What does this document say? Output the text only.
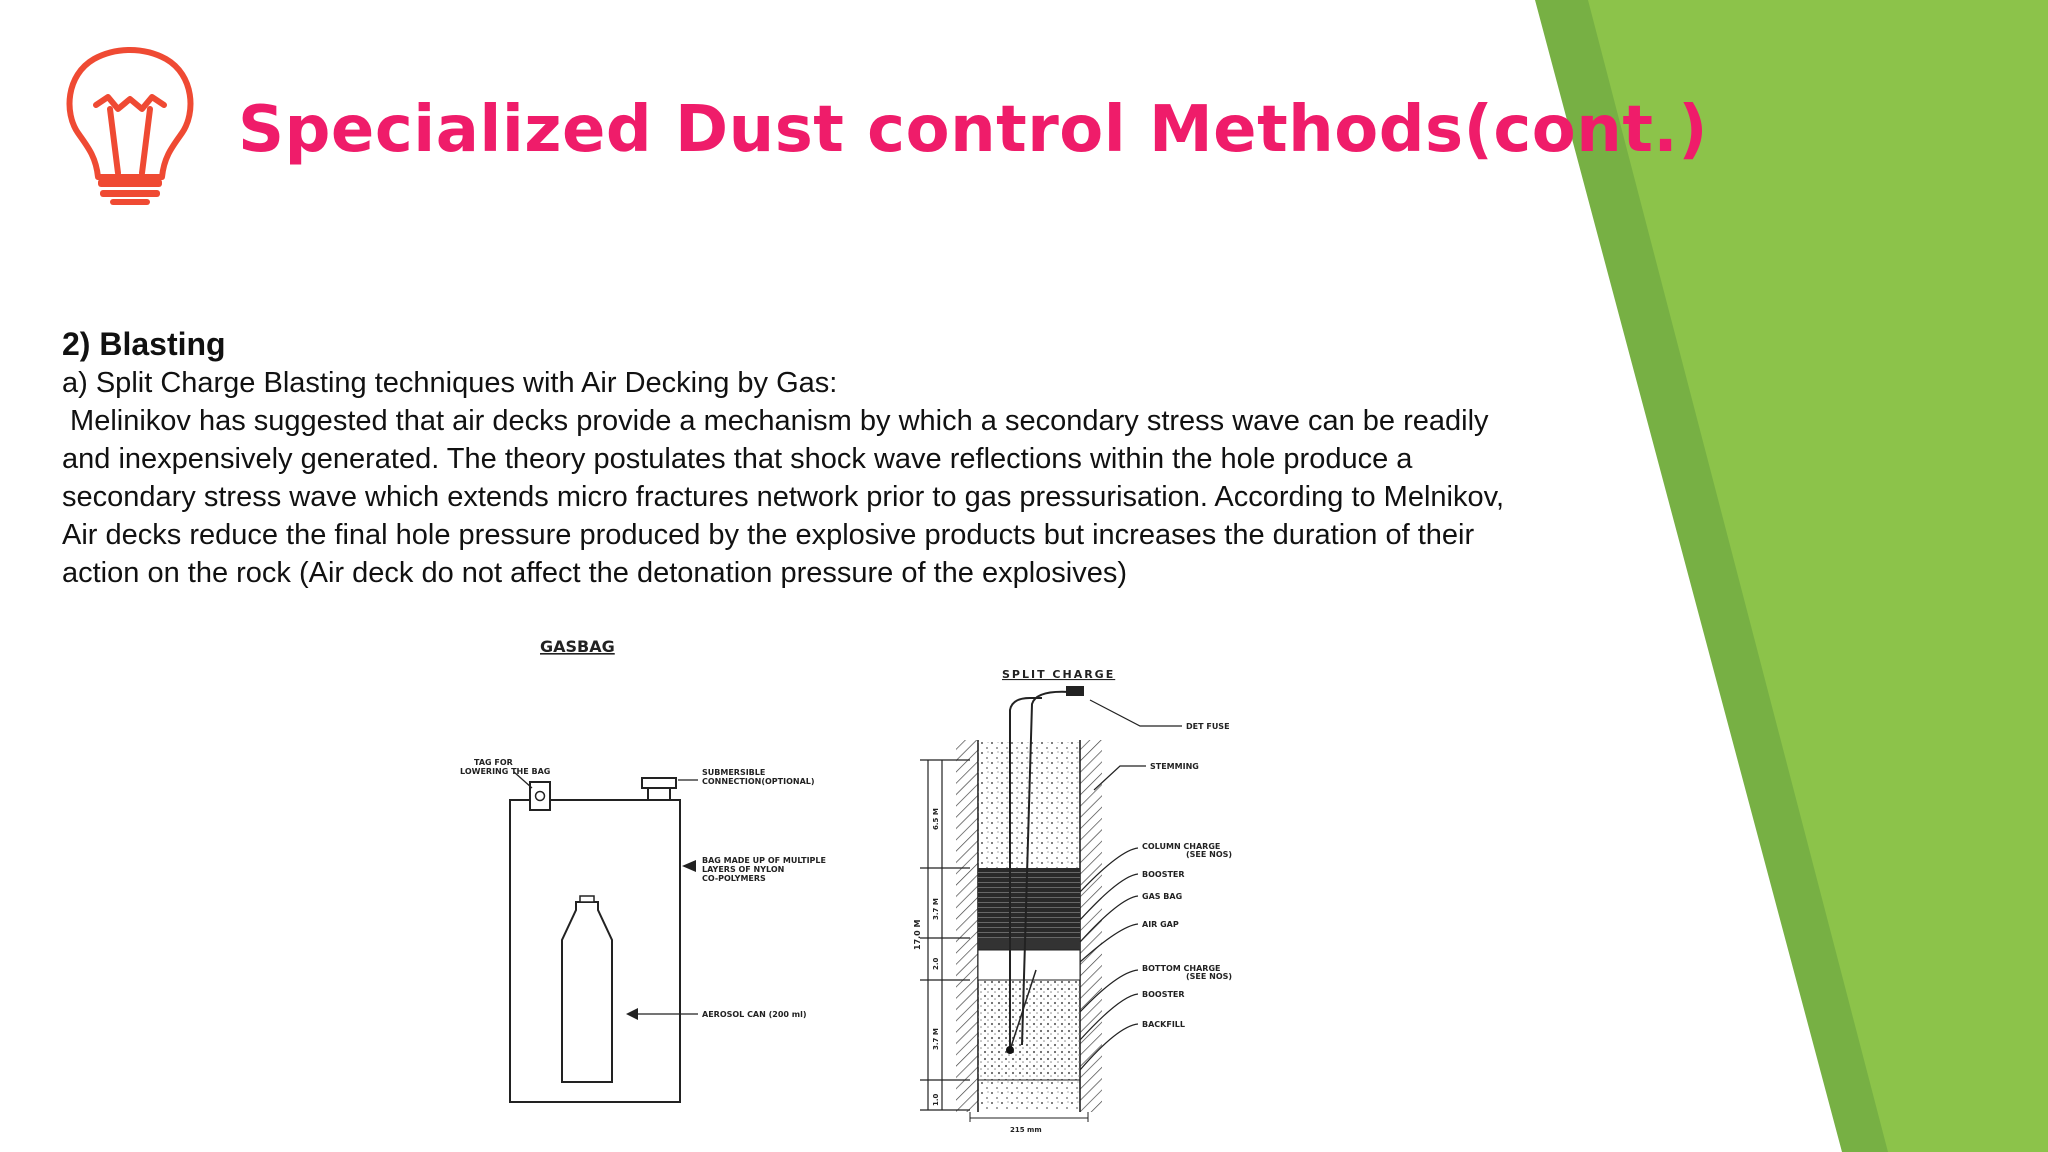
Specialized Dust control Methods(cont.)
2) Blasting
a) Split Charge Blasting techniques with Air Decking by Gas:
Melinikov has suggested that air decks provide a mechanism by which a secondary stress wave can be readily
and inexpensively generated. The theory postulates that shock wave reflections within the hole produce a
secondary stress wave which extends micro fractures network prior to gas pressurisation. According to Melnikov,
Air decks reduce the final hole pressure produced by the explosive products but increases the duration of their
action on the rock (Air deck do not affect the detonation pressure of the explosives)
GASBAG
TAG FOR LOWERING THE BAG	SUBMERSIBLE CONNECTION(OPTIONAL)
BAG MADE UP OF MULTIPLE LAYERS OF NYLON CO-POLYMERS
AEROSOL CAN (200 ml)
SPLIT CHARGE
17.0 M
6.5 M
3.7 M
2.0
3.7 M
1.0
215 mm
DET FUSE
STEMMING
COLUMN CHARGE (SEE NOS)
BOOSTER
GAS BAG
AIR GAP
BOTTOM CHARGE (SEE NOS)
BOOSTER
BACKFILL
